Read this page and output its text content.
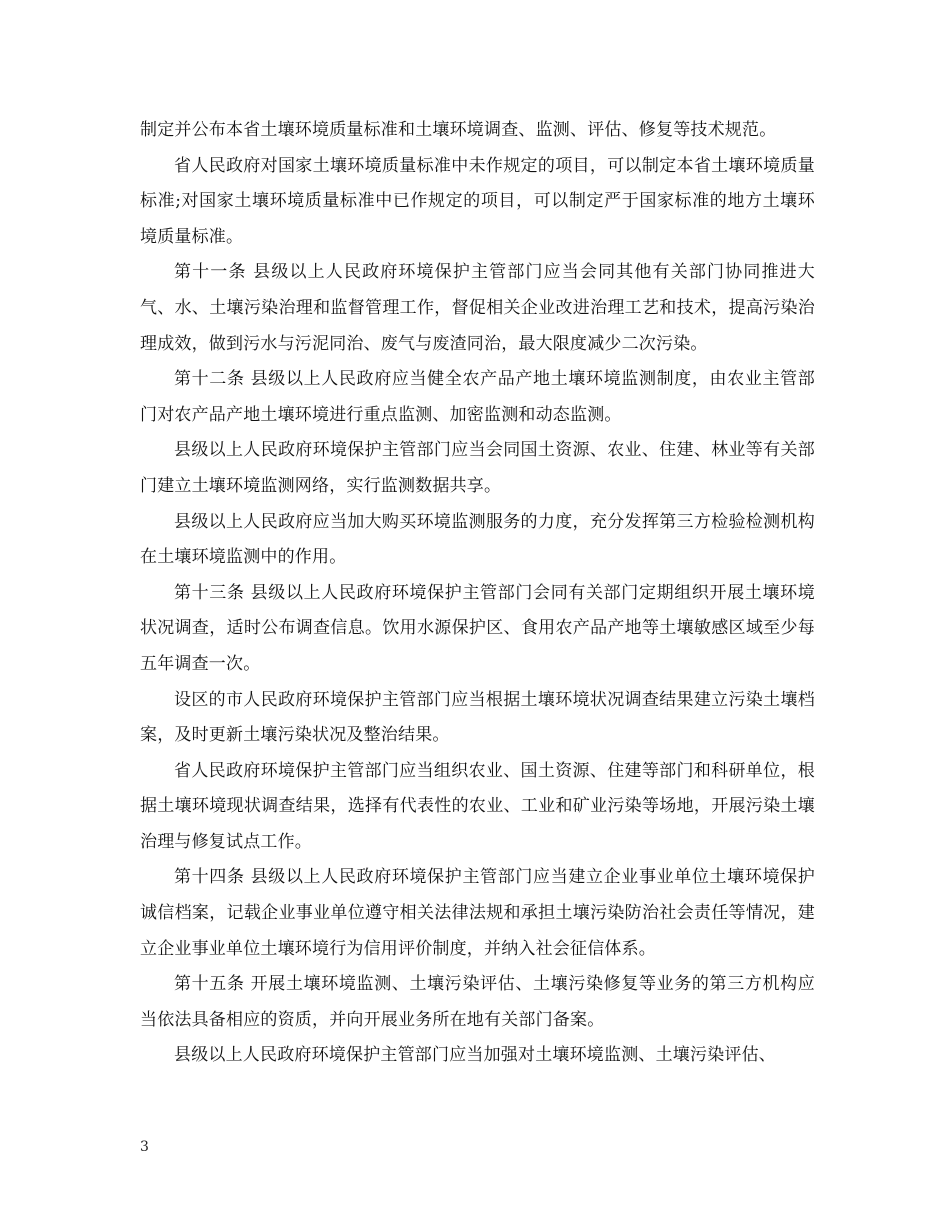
制定并公布本省土壤环境质量标准和土壤环境调查、监测、评估、修复等技术规范。

省人民政府对国家土壤环境质量标准中未作规定的项目，可以制定本省土壤环境质量标准;对国家土壤环境质量标准中已作规定的项目，可以制定严于国家标准的地方土壤环境质量标准。

第十一条 县级以上人民政府环境保护主管部门应当会同其他有关部门协同推进大气、水、土壤污染治理和监督管理工作，督促相关企业改进治理工艺和技术，提高污染治理成效，做到污水与污泥同治、废气与废渣同治，最大限度减少二次污染。

第十二条 县级以上人民政府应当健全农产品产地土壤环境监测制度，由农业主管部门对农产品产地土壤环境进行重点监测、加密监测和动态监测。

县级以上人民政府环境保护主管部门应当会同国土资源、农业、住建、林业等有关部门建立土壤环境监测网络，实行监测数据共享。

县级以上人民政府应当加大购买环境监测服务的力度，充分发挥第三方检验检测机构在土壤环境监测中的作用。

第十三条 县级以上人民政府环境保护主管部门会同有关部门定期组织开展土壤环境状况调查，适时公布调查信息。饮用水源保护区、食用农产品产地等土壤敏感区域至少每五年调查一次。

设区的市人民政府环境保护主管部门应当根据土壤环境状况调查结果建立污染土壤档案，及时更新土壤污染状况及整治结果。

省人民政府环境保护主管部门应当组织农业、国土资源、住建等部门和科研单位，根据土壤环境现状调查结果，选择有代表性的农业、工业和矿业污染等场地，开展污染土壤治理与修复试点工作。

第十四条 县级以上人民政府环境保护主管部门应当建立企业事业单位土壤环境保护诚信档案，记载企业事业单位遵守相关法律法规和承担土壤污染防治社会责任等情况，建立企业事业单位土壤环境行为信用评价制度，并纳入社会征信体系。

第十五条 开展土壤环境监测、土壤污染评估、土壤污染修复等业务的第三方机构应当依法具备相应的资质，并向开展业务所在地有关部门备案。

县级以上人民政府环境保护主管部门应当加强对土壤环境监测、土壤污染评估、

3
